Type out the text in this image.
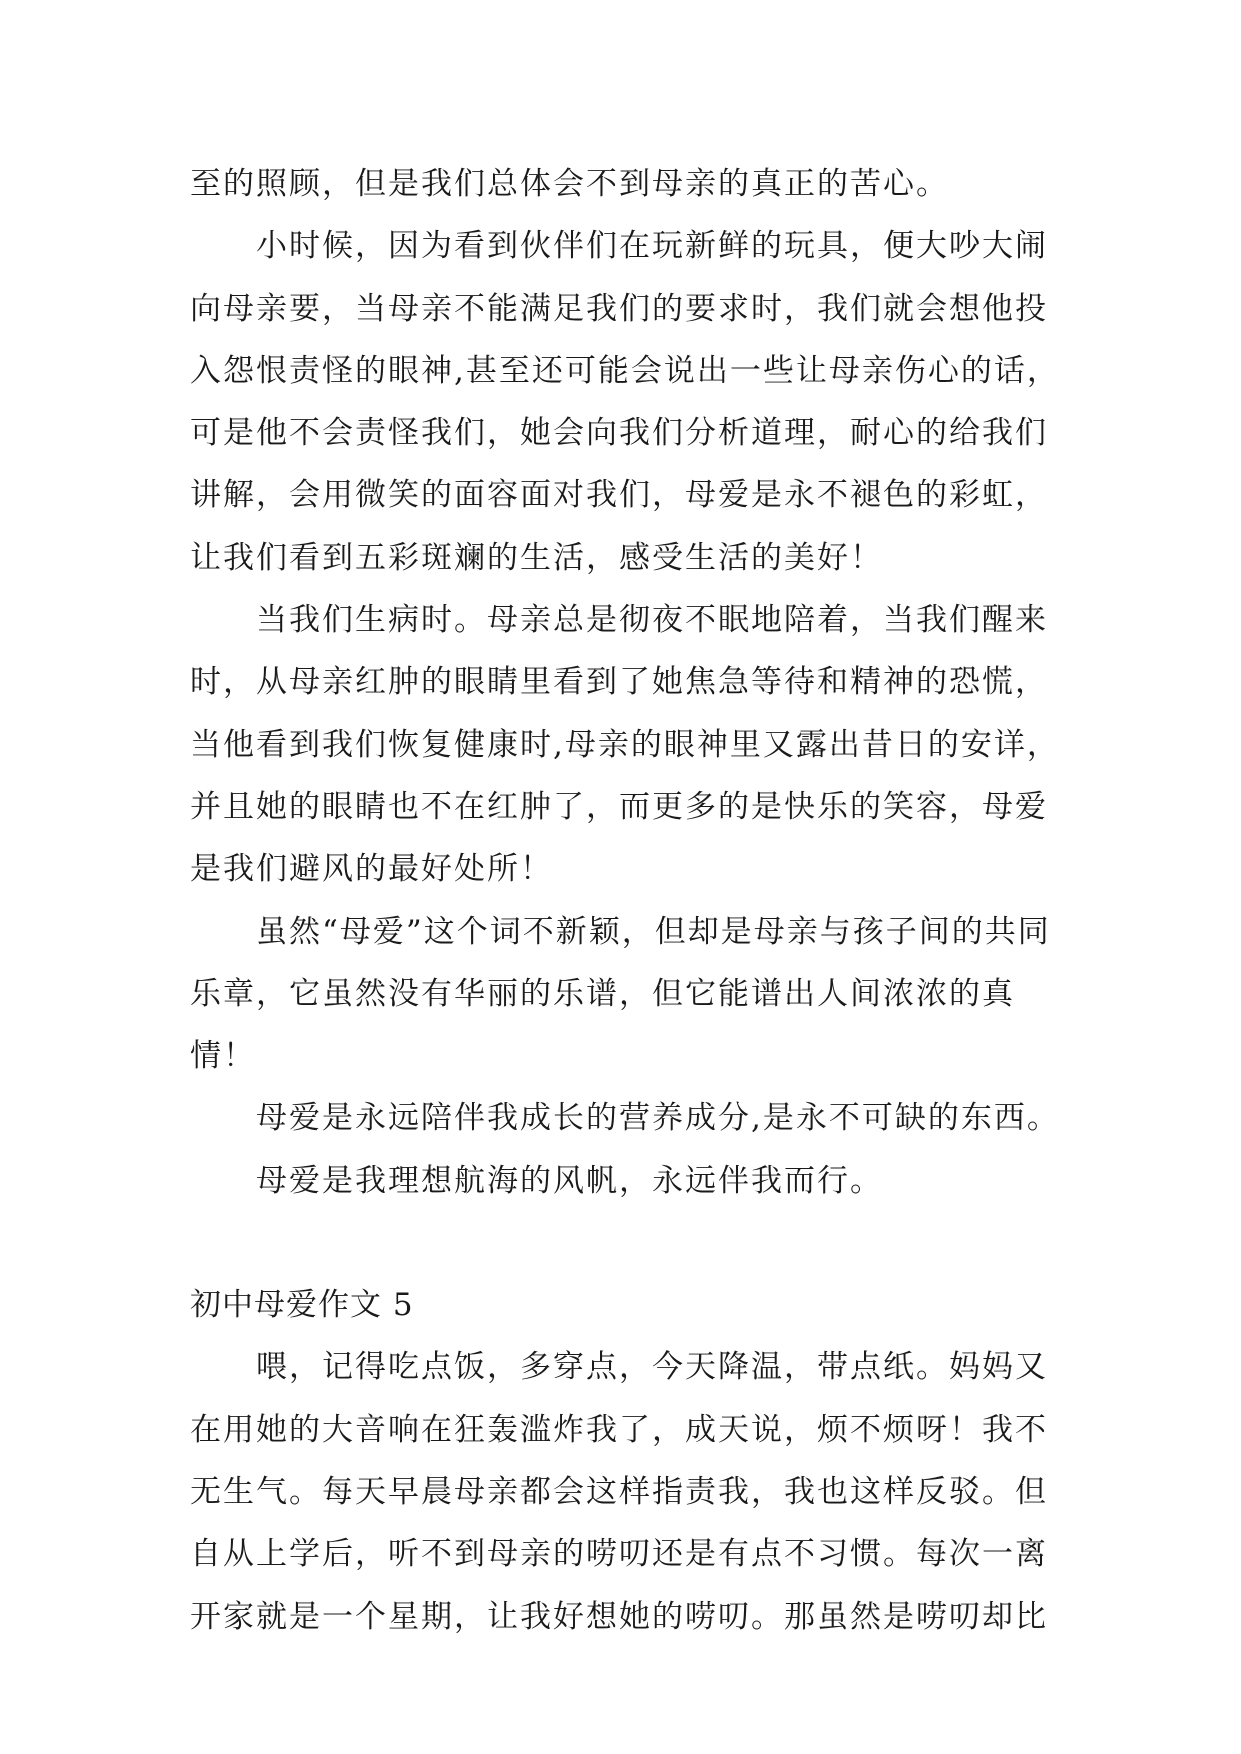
至的照顾，但是我们总体会不到母亲的真正的苦心。

小时候，因为看到伙伴们在玩新鲜的玩具，便大吵大闹向母亲要，当母亲不能满足我们的要求时，我们就会想他投入怨恨责怪的眼神,甚至还可能会说出一些让母亲伤心的话，可是他不会责怪我们，她会向我们分析道理，耐心的给我们讲解，会用微笑的面容面对我们，母爱是永不褪色的彩虹，让我们看到五彩斑斓的生活，感受生活的美好！

当我们生病时。母亲总是彻夜不眠地陪着，当我们醒来时，从母亲红肿的眼睛里看到了她焦急等待和精神的恐慌，当他看到我们恢复健康时,母亲的眼神里又露出昔日的安详，并且她的眼睛也不在红肿了，而更多的是快乐的笑容，母爱是我们避风的最好处所！

虽然“母爱”这个词不新颖，但却是母亲与孩子间的共同乐章，它虽然没有华丽的乐谱，但它能谱出人间浓浓的真情！

母爱是永远陪伴我成长的营养成分,是永不可缺的东西。

母爱是我理想航海的风帆，永远伴我而行。

初中母爱作文 5

喂，记得吃点饭，多穿点，今天降温，带点纸。妈妈又在用她的大音响在狂轰滥炸我了，成天说，烦不烦呀！我不无生气。每天早晨母亲都会这样指责我，我也这样反驳。但自从上学后，听不到母亲的唠叨还是有点不习惯。每次一离开家就是一个星期，让我好想她的唠叨。那虽然是唠叨却比
